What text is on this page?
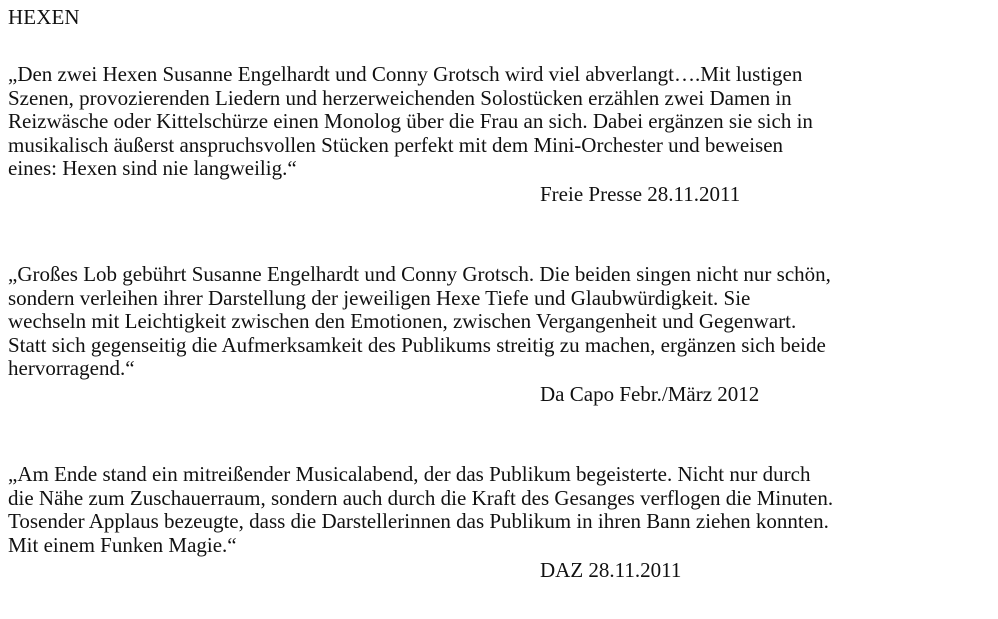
HEXEN
„Den zwei Hexen Susanne Engelhardt und Conny Grotsch wird viel abverlangt….Mit lustigen
Szenen, provozierenden Liedern und herzerweichenden Solostücken erzählen zwei Damen in
Reizwäsche oder Kittelschürze einen Monolog über die Frau an sich. Dabei ergänzen sie sich in
musikalisch äußerst anspruchsvollen Stücken perfekt mit dem Mini-Orchester und beweisen
eines: Hexen sind nie langweilig.“
Freie Presse 28.11.2011
„Großes Lob gebührt Susanne Engelhardt und Conny Grotsch. Die beiden singen nicht nur schön,
sondern verleihen ihrer Darstellung der jeweiligen Hexe Tiefe und Glaubwürdigkeit. Sie
wechseln mit Leichtigkeit zwischen den Emotionen, zwischen Vergangenheit und Gegenwart.
Statt sich gegenseitig die Aufmerksamkeit des Publikums streitig zu machen, ergänzen sich beide
hervorragend.“
Da Capo Febr./März 2012
„Am Ende stand ein mitreißender Musicalabend, der das Publikum begeisterte. Nicht nur durch
die Nähe zum Zuschauerraum, sondern auch durch die Kraft des Gesanges verflogen die Minuten.
Tosender Applaus bezeugte, dass die Darstellerinnen das Publikum in ihren Bann ziehen konnten.
Mit einem Funken Magie.“
DAZ 28.11.2011
